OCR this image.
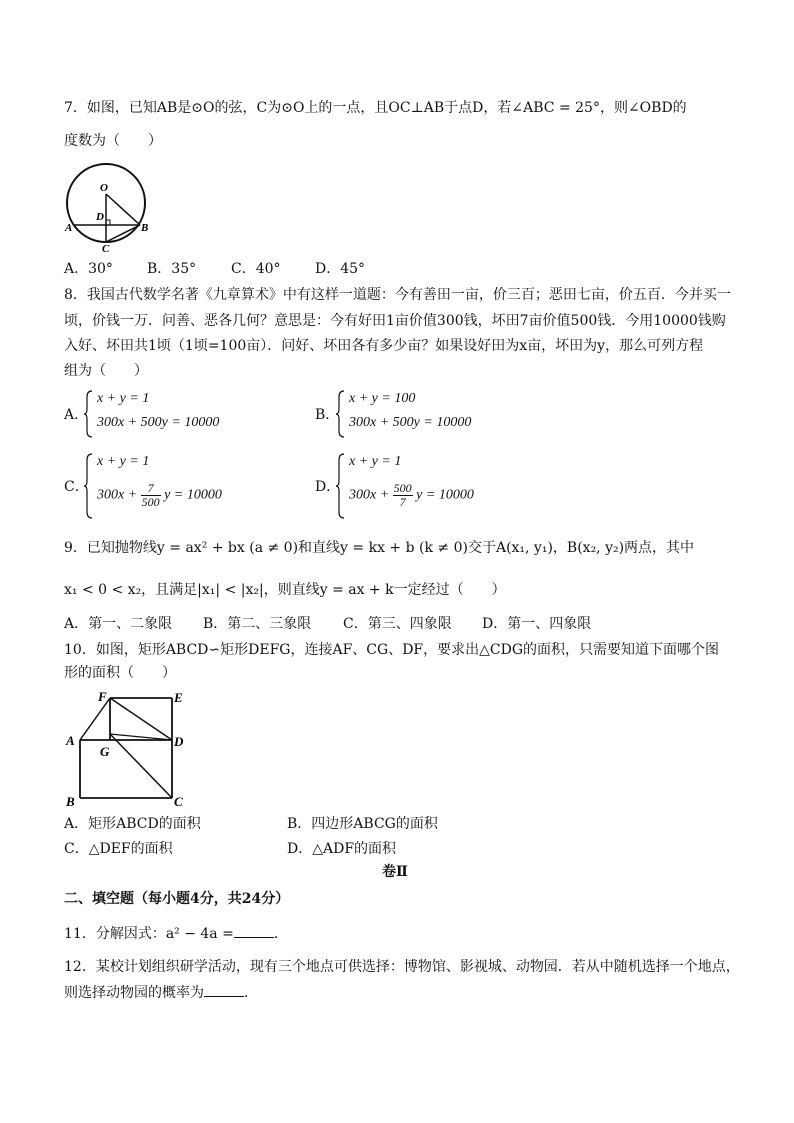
7．如图，已知AB是⊙O的弦，C为⊙O上的一点，且OC⊥AB于点D，若∠ABC = 25°，则∠OBD的
度数为（　　）
O
D
A	B
C
A．30° B．35° C．40° D．45°
8．我国古代数学名著《九章算术》中有这样一道题：今有善田一亩，价三百；恶田七亩，价五百．今并买一
顷，价钱一万．问善、恶各几何？意思是：今有好田1亩价值300钱，坏田7亩价值500钱．今用10000钱购
入好、坏田共1顷（1顷=100亩）．问好、坏田各有多少亩？如果设好田为x亩，坏田为y，那么可列方程
组为（　　）
A．
x + y = 1
300x + 500y = 10000	B．
x + y = 100
300x + 500y = 10000
C．
x + y = 1
$300x + \frac{7}{500}$ y = 10000
D．
x + y = 1
$300x + \frac{500}{7}$ y = 10000
9．已知抛物线y = ax² + bx (a ≠ 0)和直线y = kx + b (k ≠ 0)交于A(x₁, y₁)，B(x₂, y₂)两点，其中
x₁ < 0 < x₂，且满足|x₁| < |x₂|，则直线y = ax + k一定经过（　　）
A．第一、二象限 B．第二、三象限 C．第三、四象限 D．第一、四象限
10．如图，矩形ABCD∽矩形DEFG，连接AF、CG、DF，要求出△CDG的面积，只需要知道下面哪个图
形的面积（　　）
F	E
A
G
D
B	C
A．矩形ABCD的面积	B．四边形ABCG的面积
C．△DEF的面积	D．△ADF的面积
卷Ⅱ
二、填空题（每小题4分，共24分）
11．分解因式：a² − 4a =	．
12．某校计划组织研学活动，现有三个地点可供选择：博物馆、影视城、动物园．若从中随机选择一个地点，
则选择动物园的概率为	．
